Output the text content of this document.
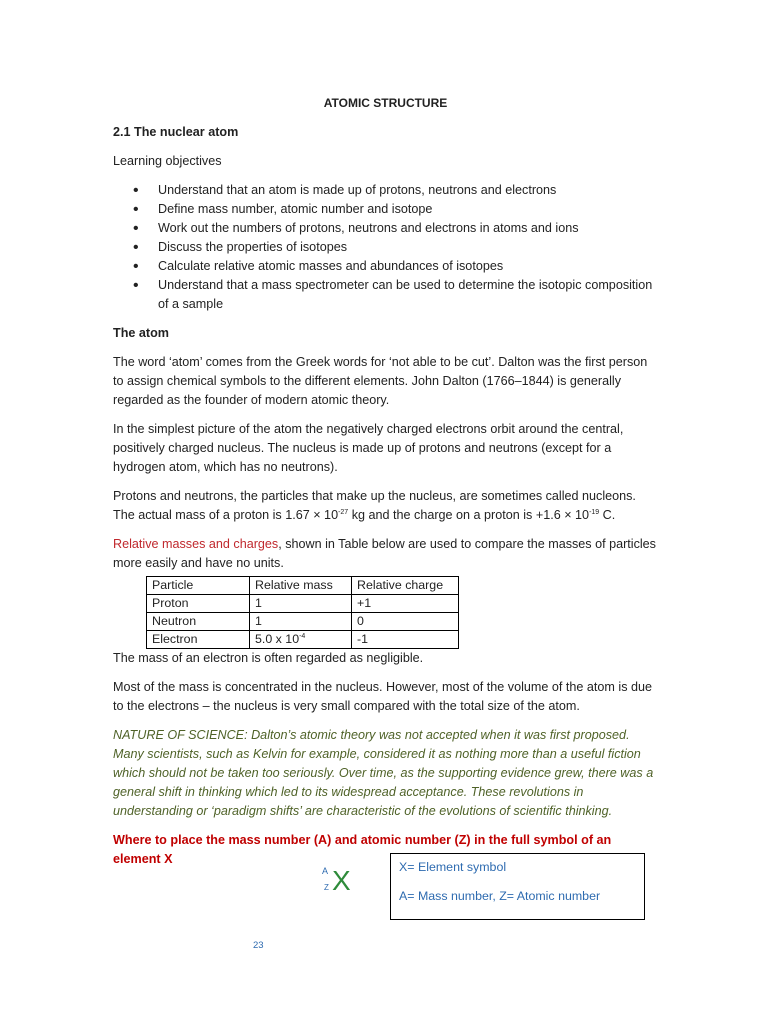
ATOMIC STRUCTURE
2.1 The nuclear atom

Learning objectives

• Understand that an atom is made up of protons, neutrons and electrons
• Define mass number, atomic number and isotope
• Work out the numbers of protons, neutrons and electrons in atoms and ions
• Discuss the properties of isotopes
• Calculate relative atomic masses and abundances of isotopes
• Understand that a mass spectrometer can be used to determine the isotopic composition of a sample
The atom

The word ‘atom’ comes from the Greek words for ‘not able to be cut’. Dalton was the first person to assign chemical symbols to the different elements. John Dalton (1766–1844) is generally regarded as the founder of modern atomic theory.

In the simplest picture of the atom the negatively charged electrons orbit around the central, positively charged nucleus. The nucleus is made up of protons and neutrons (except for a hydrogen atom, which has no neutrons).

Protons and neutrons, the particles that make up the nucleus, are sometimes called nucleons. The actual mass of a proton is $1.67 \times 10^{-27}$ kg and the charge on a proton is $+1.6 \times 10^{-19}$ C.

Relative masses and charges, shown in Table below are used to compare the masses of particles more easily and have no units.

Particle	Relative mass	Relative charge
Proton	1	+1
Neutron	1	0
Electron	5.0 x $10^{-4}$	-1

The mass of an electron is often regarded as negligible.

Most of the mass is concentrated in the nucleus. However, most of the volume of the atom is due to the electrons – the nucleus is very small compared with the total size of the atom.

NATURE OF SCIENCE: Dalton’s atomic theory was not accepted when it was first proposed. Many scientists, such as Kelvin for example, considered it as nothing more than a useful fiction which should not be taken too seriously. Over time, as the supporting evidence grew, there was a general shift in thinking which led to its widespread acceptance. These revolutions in understanding or ‘paradigm shifts’ are characteristic of the evolutions of scientific thinking.

Where to place the mass number (A) and atomic number (Z) in the full symbol of an element X

A
Z X	X= Element symbol
A= Mass number, Z= Atomic number
23
